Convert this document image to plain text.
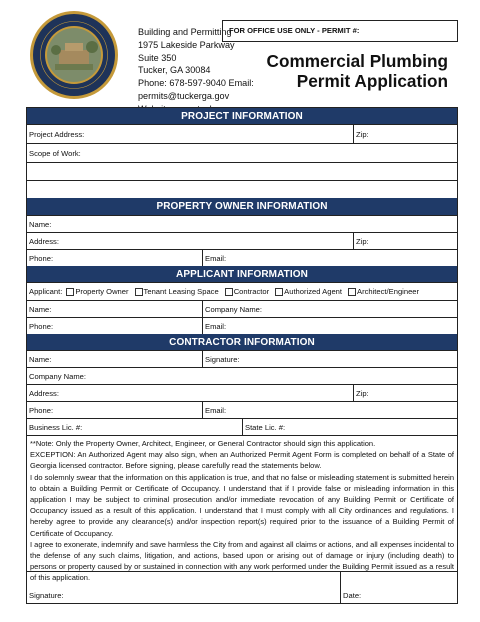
Building and Permitting
1975 Lakeside Parkway
Suite 350
Tucker, GA 30084
Phone: 678-597-9040 Email:
permits@tuckerga.gov
FOR OFFICE USE ONLY - PERMIT #:
Commercial Plumbing
Permit Application
PROJECT INFORMATION
Project Address:	Zip:
Scope of Work:
PROPERTY OWNER INFORMATION
Name:
Address:	Zip:
Phone:	Email:
APPLICANT INFORMATION
Applicant: Property Owner Tenant Leasing Space Contractor Authorized Agent Architect/Engineer
Name:	Company Name:
Phone:	Email:
CONTRACTOR INFORMATION
Name:	Signature:
Company Name:
Address:	Zip:
Phone:	Email:
Business Lic. #:	State Lic. #:

**Note: Only the Property Owner, Architect, Engineer, or General Contractor should sign this application.

EXCEPTION: An Authorized Agent may also sign, when an Authorized Permit Agent Form is completed on behalf of a State of Georgia licensed contractor. Before signing, please carefully read the statements below.

I do solemnly swear that the information on this application is true, and that no false or misleading statement is submitted herein to obtain a Building Permit or Certificate of Occupancy. I understand that if I provide false or misleading information in this application I may be subject to criminal prosecution and/or immediate revocation of any Building Permit or Certificate of Occupancy issued as a result of this application. I understand that I must comply with all City ordinances and regulations. I hereby agree to provide any clearance(s) and/or inspection report(s) required prior to the issuance of a Building Permit of Certificate of Occupancy.

I agree to exonerate, indemnify and save harmless the City from and against all claims or actions, and all expenses incidental to the defense of any such claims, litigation, and actions, based upon or arising out of damage or injury (including death) to persons or property caused by or sustained in connection with any work performed under the Building Permit issued as a result of this application.

Signature:	Date:
